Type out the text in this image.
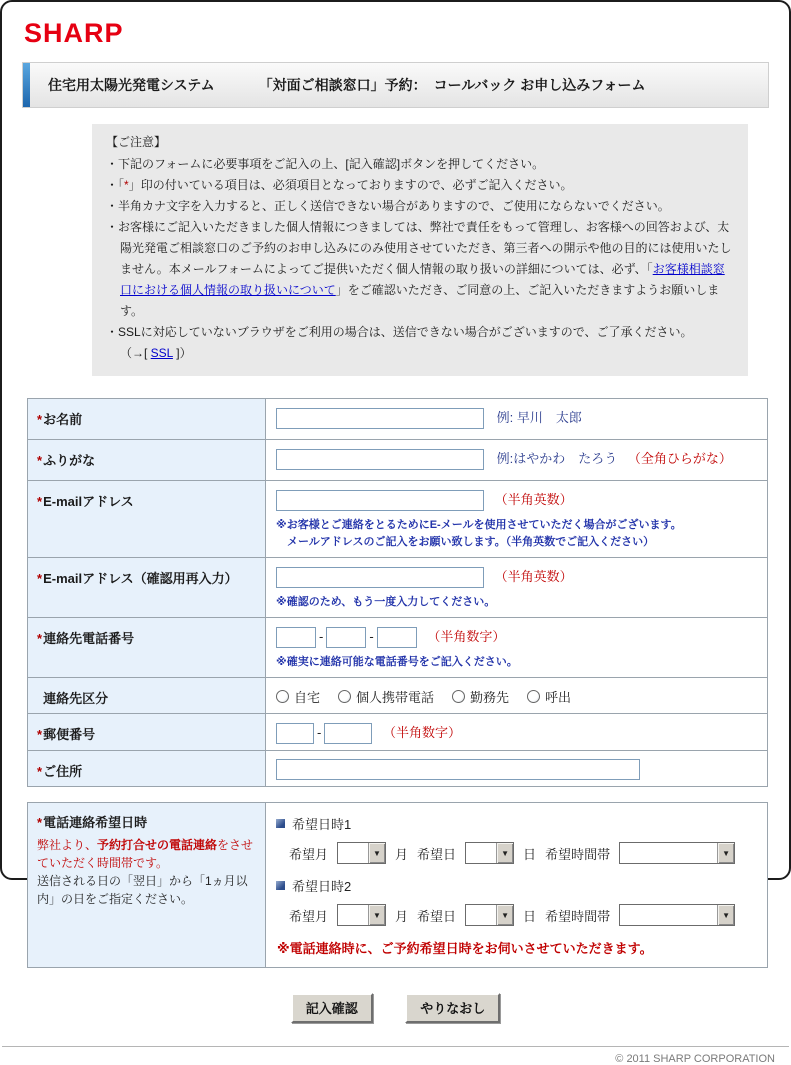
SHARP
住宅用太陽光発電システム	「対面ご相談窓口」予約：　コールバック お申し込みフォーム
【ご注意】
・下記のフォームに必要事項をご記入の上、[記入確認]ボタンを押してください。
・「*」印の付いている項目は、必須項目となっておりますので、必ずご記入ください。
・半角カナ文字を入力すると、正しく送信できない場合がありますので、ご使用にならないでください。
・お客様にご記入いただきました個人情報につきましては、弊社で責任をもって管理し、お客様への回答および、太陽光発電ご相談窓口のご予約のお申し込みにのみ使用させていただき、第三者への開示や他の目的には使用いたしません。本メールフォームによってご提供いただく個人情報の取り扱いの詳細については、必ず、「お客様相談窓口における個人情報の取り扱いについて」をご確認いただき、ご同意の上、ご記入いただきますようお願いします。
・SSLに対応していないブラウザをご利用の場合は、送信できない場合がございますので、ご了承ください。
（→[ SSL ]）
*お名前	例: 早川　太郎
*ふりがな	例:はやかわ　たろう （全角ひらがな）
*E-mailアドレス	（半角英数）
※お客様とご連絡をとるためにE-メールを使用させていただく場合がございます。
メールアドレスのご記入をお願い致します。（半角英数でご記入ください）

*E-mailアドレス（確認用再入力）	（半角英数）
※確認のため、もう一度入力してください。

*連絡先電話番号	- - （半角数字）
※確実に連絡可能な電話番号をご記入ください。

連絡先区分	自宅 個人携帯電話 勤務先 呼出

*郵便番号	- （半角数字）
*ご住所	
*電話連絡希望日時
弊社より、予約打合せの電話連絡をさせていただく時間帯です。
送信される日の「翌日」から「1ヵ月以内」の日をご指定ください。

希望日時1
希望月	▼ 月 希望日	▼ 日 希望時間帯	▼
希望日時2
希望月	▼ 月 希望日	▼ 日 希望時間帯	▼
※電話連絡時に、ご予約希望日時をお伺いさせていただきます。
記入確認	やりなおし
© 2011 SHARP CORPORATION
